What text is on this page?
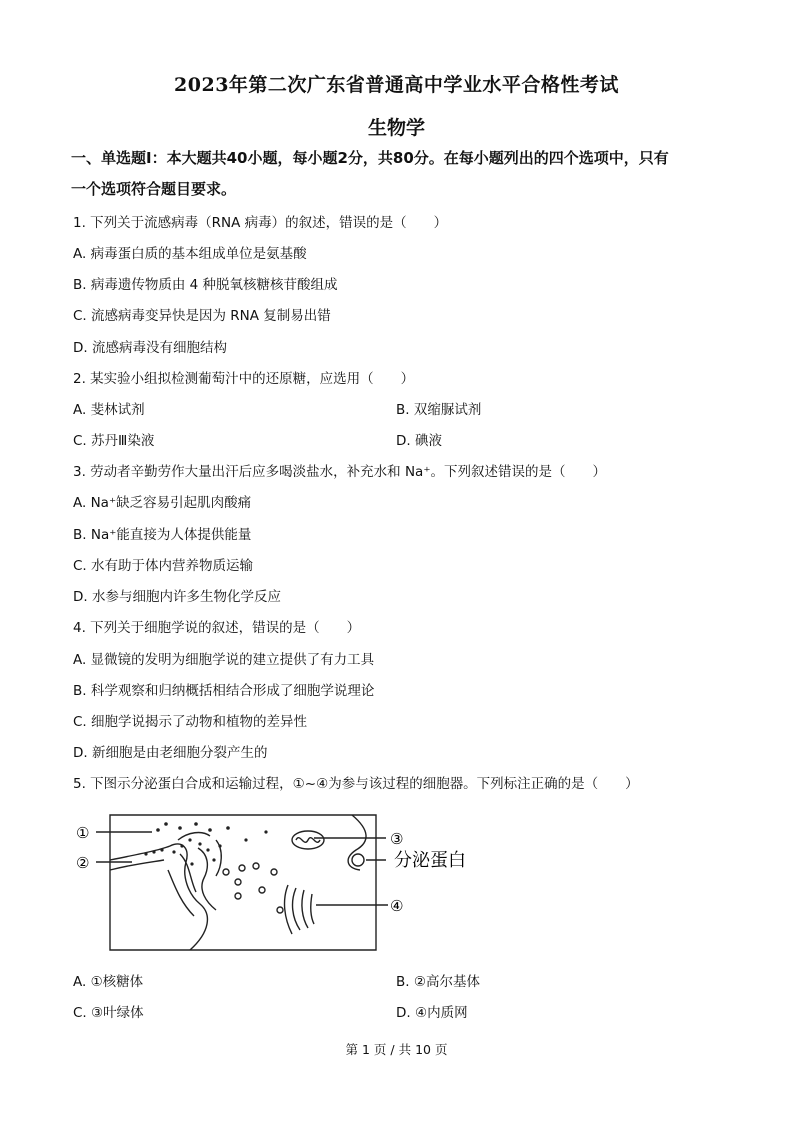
2023年第二次广东省普通高中学业水平合格性考试
生物学
一、单选题I：本大题共40小题，每小题2分，共80分。在每小题列出的四个选项中，只有
一个选项符合题目要求。
1. 下列关于流感病毒（RNA 病毒）的叙述，错误的是（　　）
A. 病毒蛋白质的基本组成单位是氨基酸
B. 病毒遗传物质由 4 种脱氧核糖核苷酸组成
C. 流感病毒变异快是因为 RNA 复制易出错
D. 流感病毒没有细胞结构
2. 某实验小组拟检测葡萄汁中的还原糖，应选用（　　）
A. 斐林试剂	B. 双缩脲试剂
C. 苏丹Ⅲ染液	D. 碘液
3. 劳动者辛勤劳作大量出汗后应多喝淡盐水，补充水和 Na⁺。下列叙述错误的是（　　）
A. Na⁺缺乏容易引起肌肉酸痛
B. Na⁺能直接为人体提供能量
C. 水有助于体内营养物质运输
D. 水参与细胞内许多生物化学反应
4. 下列关于细胞学说的叙述，错误的是（　　）
A. 显微镜的发明为细胞学说的建立提供了有力工具
B. 科学观察和归纳概括相结合形成了细胞学说理论
C. 细胞学说揭示了动物和植物的差异性
D. 新细胞是由老细胞分裂产生的
5. 下图示分泌蛋白合成和运输过程，①~④为参与该过程的细胞器。下列标注正确的是（　　）
①
②
③
分泌蛋白
④
A. ①核糖体	B. ②高尔基体
C. ③叶绿体	D. ④内质网
第 1 页 / 共 10 页
